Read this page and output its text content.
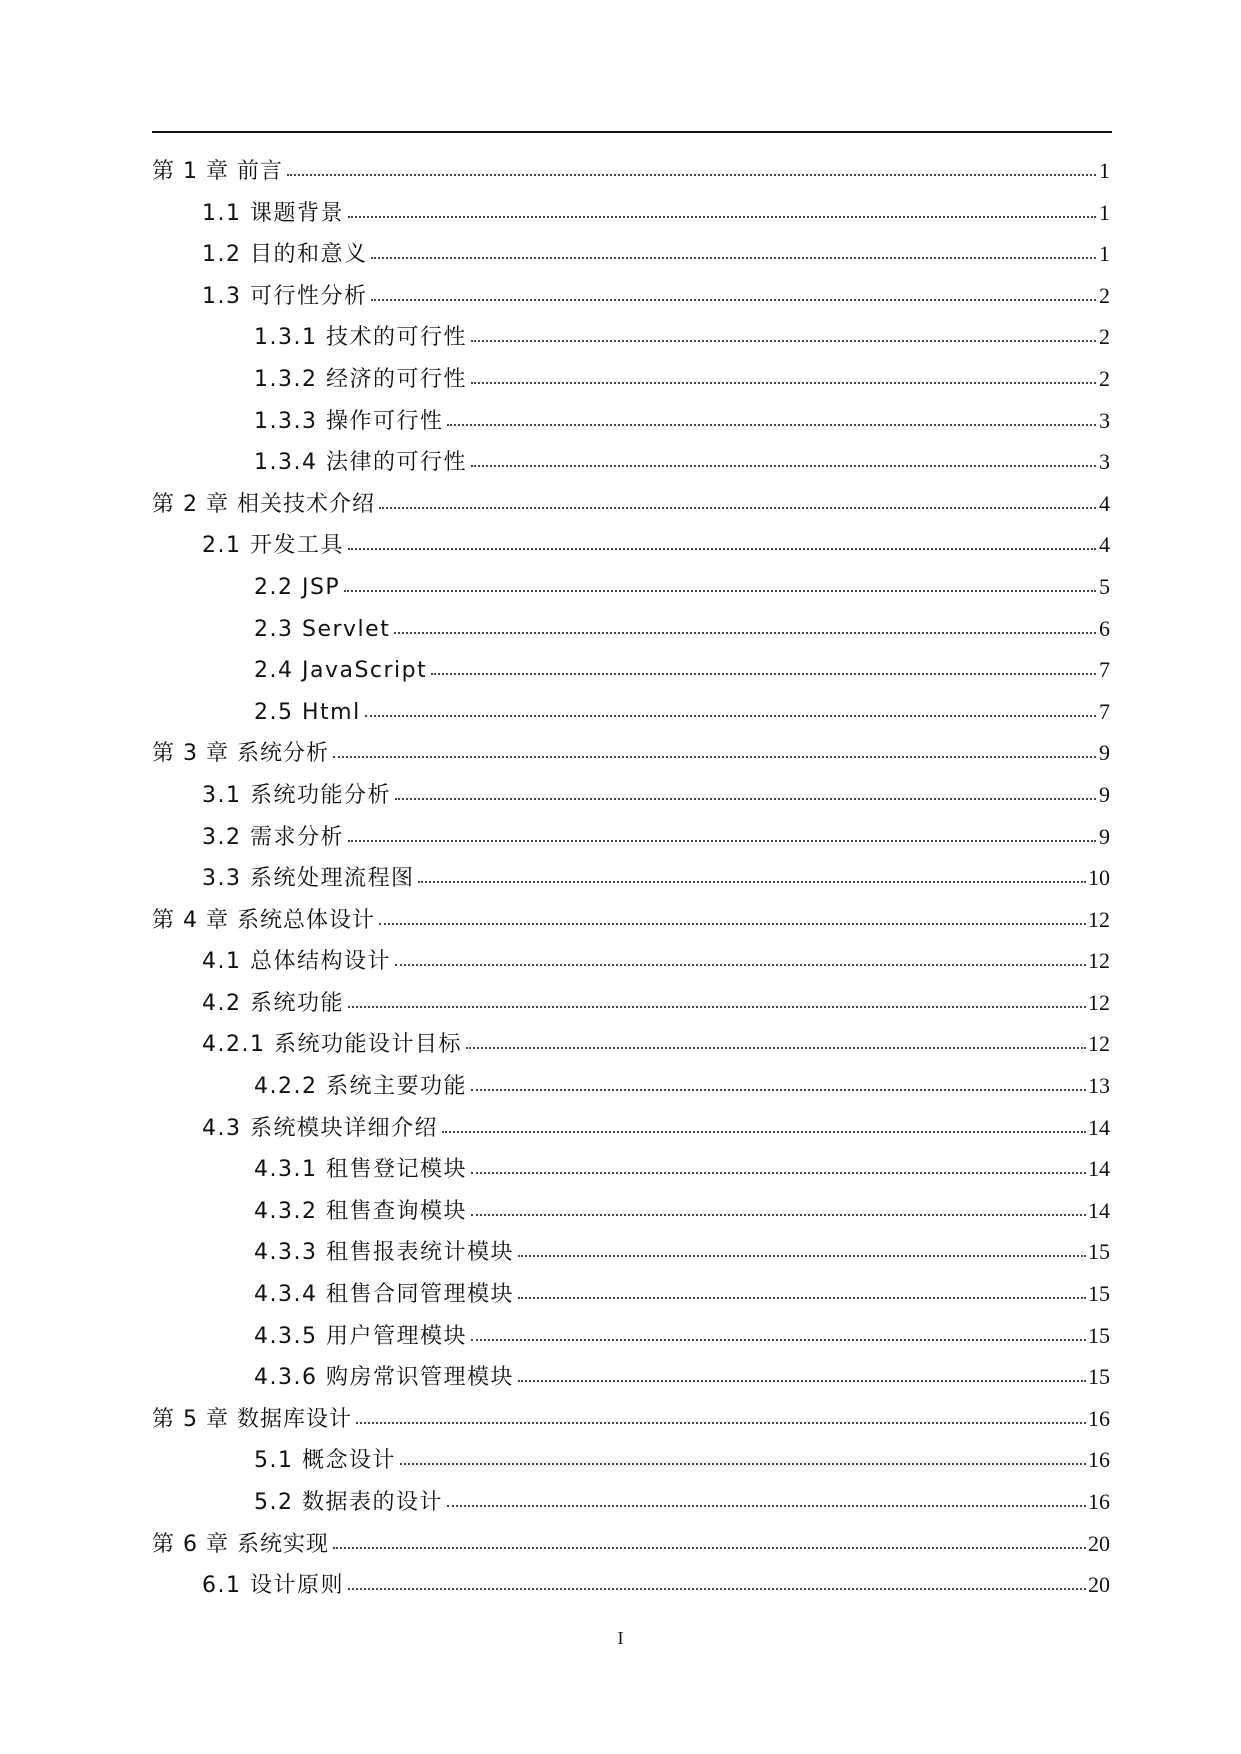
第 1 章 前言	1
1.1 课题背景	1
1.2 目的和意义	1
1.3 可行性分析	2
1.3.1 技术的可行性	2
1.3.2 经济的可行性	2
1.3.3 操作可行性	3
1.3.4 法律的可行性	3
第 2 章 相关技术介绍	4
2.1 开发工具	4
2.2 JSP	5
2.3 Servlet	6
2.4 JavaScript	7
2.5 Html	7
第 3 章 系统分析	9
3.1 系统功能分析	9
3.2 需求分析	9
3.3 系统处理流程图	10
第 4 章 系统总体设计	12
4.1 总体结构设计	12
4.2 系统功能	12
4.2.1 系统功能设计目标	12
4.2.2 系统主要功能	13
4.3 系统模块详细介绍	14
4.3.1 租售登记模块	14
4.3.2 租售查询模块	14
4.3.3 租售报表统计模块	15
4.3.4 租售合同管理模块	15
4.3.5 用户管理模块	15
4.3.6 购房常识管理模块	15
第 5 章 数据库设计	16
5.1 概念设计	16
5.2 数据表的设计	16
第 6 章 系统实现	20
6.1 设计原则	20
I
